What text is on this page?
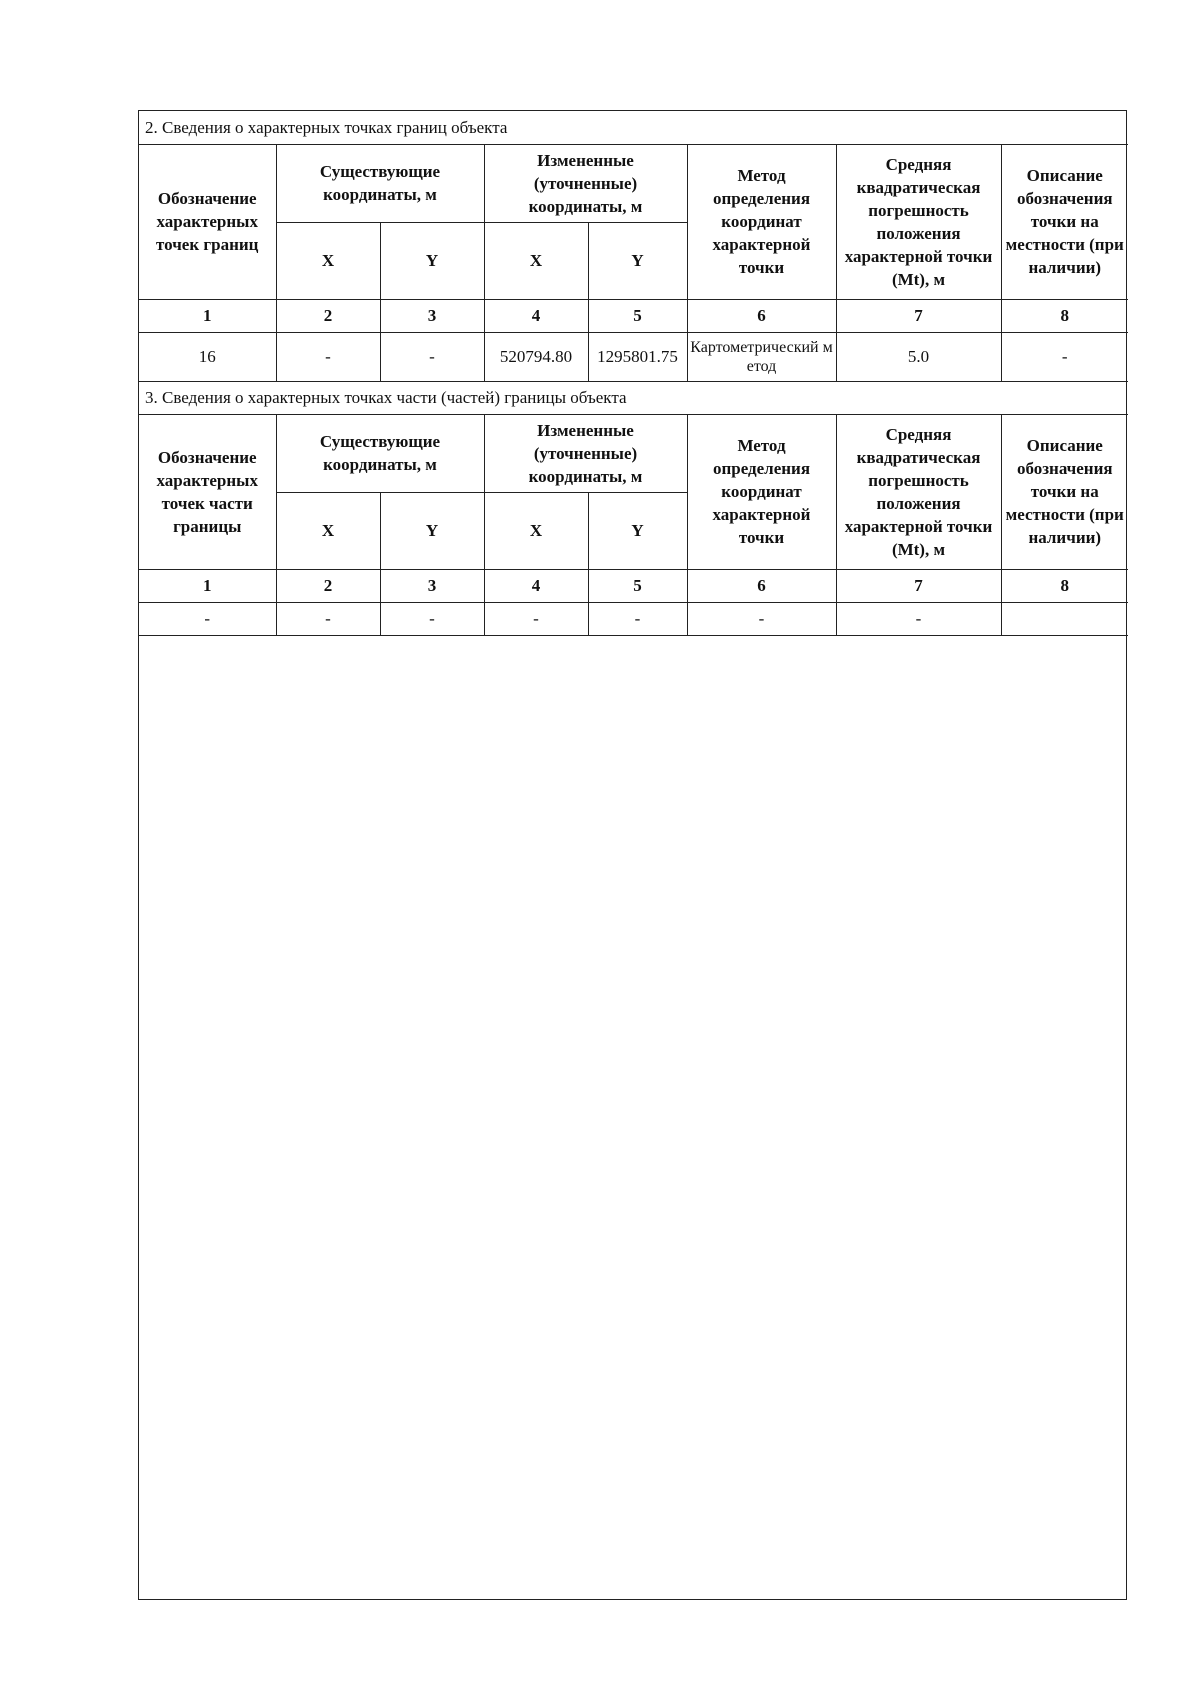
2. Сведения о характерных точках границ объекта							
Обозначение характерных точек границ	Существующие координаты, м		Измененные (уточненные) координаты, м		Метод определения координат характерной точки	Средняя квадратическая погрешность положения характерной точки (Mt), м	Описание обозначения точки на местности (при наличии)
	X	Y	X	Y			
1	2	3	4	5	6	7	8
16	-	-	520794.80	1295801.75	Картометрический метод	5.0	-
3. Сведения о характерных точках части (частей) границы объекта							
Обозначение характерных точек части границы	Существующие координаты, м		Измененные (уточненные) координаты, м		Метод определения координат характерной точки	Средняя квадратическая погрешность положения характерной точки (Mt), м	Описание обозначения точки на местности (при наличии)
	X	Y	X	Y			
1	2	3	4	5	6	7	8
-	-	-	-	-	-	-	
